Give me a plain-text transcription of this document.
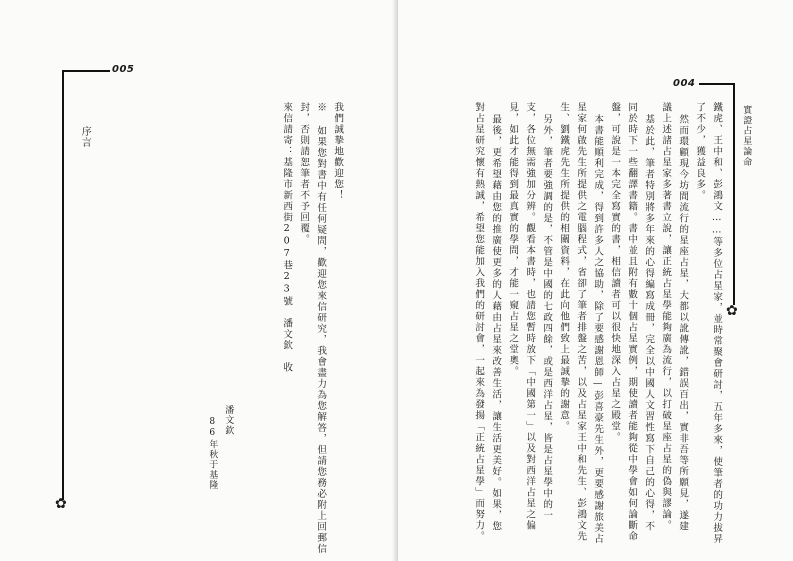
005
✿
序言	我們誠摯地歡迎您！
※ 如果您對書中有任何疑問，歡迎您來信研究，我會盡力為您解答，但請您務必附上回郵信
封，否則請恕筆者不予回覆。
來信請寄：基隆市新西街207巷23號　潘文欽　收
潘文欽
86年秋于基隆
004
實證占星論命
✿
鐵虎、王中和、彭鴻文……等多位占星家，並時常聚會研討，五年多來，使筆者的功力拔昇
了不少，獲益良多。
然而環顧現今坊間流行的星座占星，大都以訛傳訛，錯誤百出，實非吾等所願見，遂建
議上述諸占星家多著書立說，讓正統占星學能夠廣為流行，以打破星座占星的偽與謬論。
基於此，筆者特別將多年來的心得編寫成冊，完全以中國人文習性寫下自己的心得，不
同於時下一些翻譯書籍。書中並且附有數十個占星實例，期使讀者能夠從中學會如何論斷命
盤，可說是一本完全寫實的書，相信讀者可以很快地深入占星之殿堂。
本書能順利完成，得到許多人之協助，除了要感謝恩師—彭喜豪先生外，更要感謝旅美占
星家何啟先生所提供之電腦程式，省卻了筆者排盤之苦，以及占星家王中和先生、彭鴻文先
生、劉鐵虎先生所提供的相關資料，在此向他們致上最誠摯的謝意。
另外，筆者要強調的是，不管是中國的七政四餘，或是西洋占星，皆是占星學中的一
支，各位無需強加分辨。觀看本書時，也請您暫時放下「中國第一」以及對西洋占星之偏
見，如此才能得到最真實的學問，才能一窺占星之堂奧。
最後，更希望藉由您的推廣使更多的人藉由占星來改善生活，讓生活更美好。如果，您
對占星研究懷有熱誠，希望您能加入我們的研討會，一起來為發揚「正統占星學」而努力。
